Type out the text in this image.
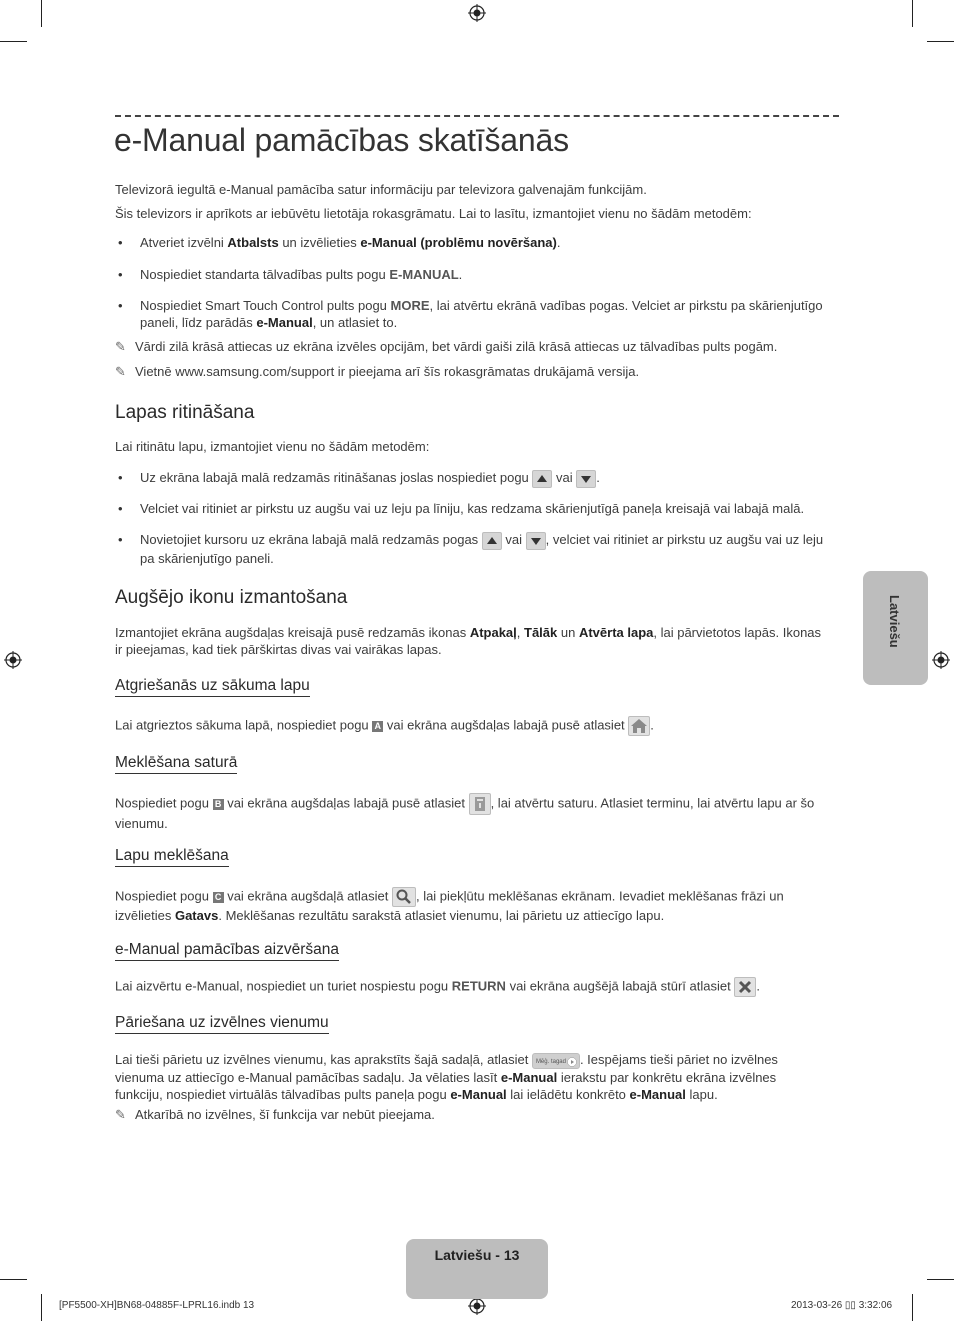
e-Manual pamācības skatīšanās
Televizorā iegultā e-Manual pamācība satur informāciju par televizora galvenajām funkcijām.
Šis televizors ir aprīkots ar iebūvētu lietotāja rokasgrāmatu. Lai to lasītu, izmantojiet vienu no šādām metodēm:
• Atveriet izvēlni Atbalsts un izvēlieties e-Manual (problēmu novēršana).
• Nospiediet standarta tālvadības pults pogu E-MANUAL.
• Nospiediet Smart Touch Control pults pogu MORE, lai atvērtu ekrānā vadības pogas. Velciet ar pirkstu pa skārienjutīgo paneli, līdz parādās e-Manual, un atlasiet to.
✎ Vārdi zilā krāsā attiecas uz ekrāna izvēles opcijām, bet vārdi gaiši zilā krāsā attiecas uz tālvadības pults pogām.
✎ Vietnē www.samsung.com/support ir pieejama arī šīs rokasgrāmatas drukājamā versija.
Lapas ritināšana
Lai ritinātu lapu, izmantojiet vienu no šādām metodēm:
• Uz ekrāna labajā malā redzamās ritināšanas joslas nospiediet pogu  vai .
• Velciet vai ritiniet ar pirkstu uz augšu vai uz leju pa līniju, kas redzama skārienjutīgā paneļa kreisajā vai labajā malā.
• Novietojiet kursoru uz ekrāna labajā malā redzamās pogas  vai , velciet vai ritiniet ar pirkstu uz augšu vai uz leju pa skārienjutīgo paneli.
Augšējo ikonu izmantošana
Izmantojiet ekrāna augšdaļas kreisajā pusē redzamās ikonas Atpakaļ, Tālāk un Atvērta lapa, lai pārvietotos lapās. Ikonas ir pieejamas, kad tiek pārškirtas divas vai vairākas lapas.
Atgriešanās uz sākuma lapu
Lai atgrieztos sākuma lapā, nospiediet pogu A vai ekrāna augšdaļas labajā pusē atlasiet .
Meklēšana saturā
Nospiediet pogu B vai ekrāna augšdaļas labajā pusē atlasiet , lai atvērtu saturu. Atlasiet terminu, lai atvērtu lapu ar šo vienumu.
Lapu meklēšana
Nospiediet pogu C vai ekrāna augšdaļā atlasiet , lai piekļūtu meklēšanas ekrānam. Ievadiet meklēšanas frāzi un izvēlieties Gatavs. Meklēšanas rezultātu sarakstā atlasiet vienumu, lai pārietu uz attiecīgo lapu.
e-Manual pamācības aizvēršana
Lai aizvērtu e-Manual, nospiediet un turiet nospiestu pogu RETURN vai ekrāna augšējā labajā stūrī atlasiet .
Pāriešana uz izvēlnes vienumu
Lai tieši pārietu uz izvēlnes vienumu, kas aprakstīts šajā sadaļā, atlasiet Mēģ. tagad . Iespējams tieši pāriet no izvēlnes vienuma uz attiecīgo e-Manual pamācības sadaļu. Ja vēlaties lasīt e-Manual ierakstu par konkrētu ekrāna izvēlnes funkciju, nospiediet virtuālās tālvadības pults paneļa pogu e-Manual lai ielādētu konkrēto e-Manual lapu.
✎ Atkarībā no izvēlnes, šī funkcija var nebūt pieejama.
Latviešu
Latviešu - 13
[PF5500-XH]BN68-04885F-LPRL16.indb 13	2013-03-26 ▯▯ 3:32:06
